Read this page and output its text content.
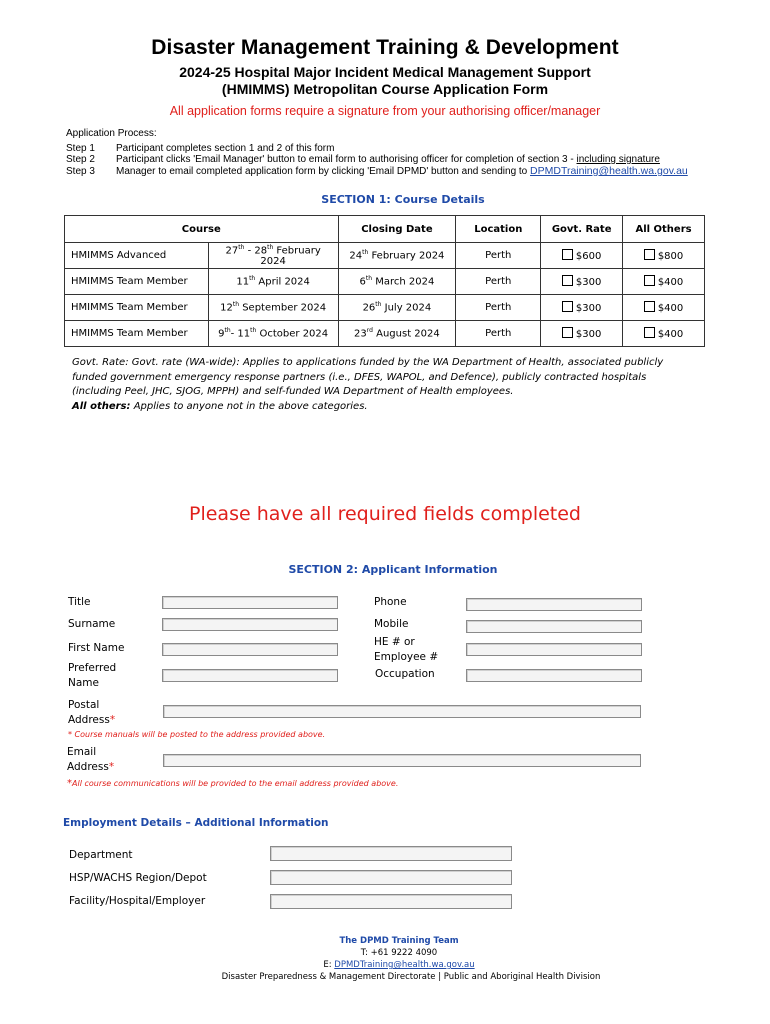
Disaster Management Training & Development
2024-25 Hospital Major Incident Medical Management Support
(HMIMMS) Metropolitan Course Application Form
All application forms require a signature from your authorising officer/manager
Application Process:
Step 1 Participant completes section 1 and 2 of this form
Step 2 Participant clicks 'Email Manager' button to email form to authorising officer for completion of section 3 - including signature
Step 3 Manager to email completed application form by clicking 'Email DPMD' button and sending to DPMDTraining@health.wa.gov.au
SECTION 1: Course Details
Course		Closing Date	Location	Govt. Rate	All Others
HMIMMS Advanced	27th - 28th February 2024	24th February 2024	Perth	$600	$800
HMIMMS Team Member	11th April 2024	6th March 2024	Perth	$300	$400
HMIMMS Team Member	12th September 2024	26th July 2024	Perth	$300	$400
HMIMMS Team Member	9th- 11th October 2024	23rd August 2024	Perth	$300	$400
Govt. Rate: Govt. rate (WA-wide): Applies to applications funded by the WA Department of Health, associated publicly funded government emergency response partners (i.e., DFES, WAPOL, and Defence), publicly contracted hospitals (including Peel, JHC, SJOG, MPPH) and self-funded WA Department of Health employees.
All others: Applies to anyone not in the above categories.
Please have all required fields completed
SECTION 2: Applicant Information
Title
Surname
First Name
Preferred
Name
Phone
Mobile
HE # or
Employee #
Occupation
Postal
Address*
* Course manuals will be posted to the address provided above.
Email
Address*
*All course communications will be provided to the email address provided above.
Employment Details – Additional Information
Department
HSP/WACHS Region/Depot
Facility/Hospital/Employer
The DPMD Training Team
T: +61 9222 4090
E: DPMDTraining@health.wa.gov.au
Disaster Preparedness & Management Directorate | Public and Aboriginal Health Division
